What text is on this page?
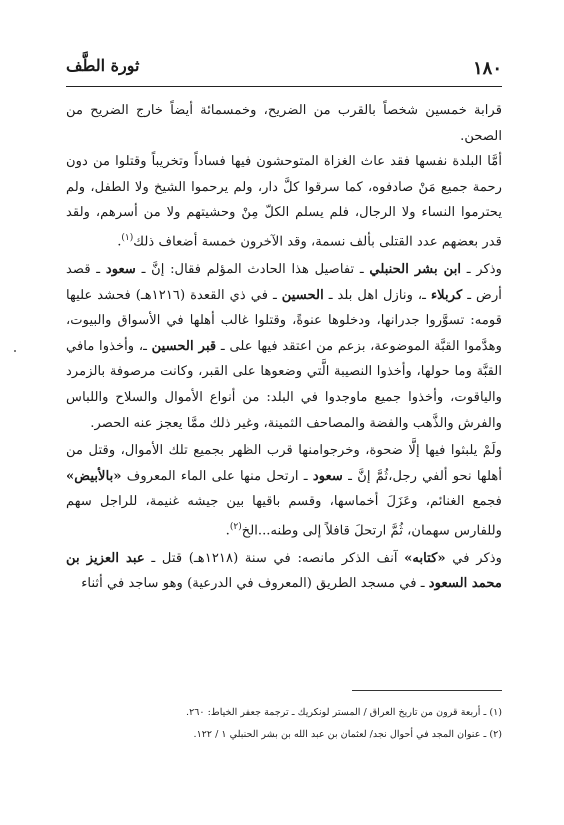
١٨٠
ثورة الطَّف

قرابة خمسين شخصاً بالقرب من الضريح، وخمسمائة أيضاً خارج الضريح من الصحن.

أمَّا البلدة نفسها فقد عاث الغزاة المتوحشون فيها فساداً وتخريباً وقتلوا من دون رحمة جميع مَنْ صادفوه، كما سرقوا كلَّ دار، ولم يرحموا الشيخ ولا الطفل، ولم يحترموا النساء ولا الرجال، فلم يسلم الكلّ مِنْ وحشيتهم ولا من أسرهم، ولقد قدر بعضهم عدد القتلى بألف نسمة، وقد الآخرون خمسة أضعاف ذلك$^{(١)}$.

وذكر ـ ابن بشر الحنبلي ـ تفاصيل هذا الحادث المؤلم فقال: إنَّ ـ سعود ـ قصد أرض ـ كربلاء ـ، ونازل اهل بلد ـ الحسين ـ في ذي القعدة (١٢١٦هـ) فحشد عليها قومه: تسوَّروا جدرانها، ودخلوها عنوةً، وقتلوا غالب أهلها في الأسواق والبيوت، وهدَّموا القبَّة الموضوعة، بزعم من اعتقد فيها على ـ قبر الحسين ـ، وأخذوا مافي القبَّة وما حولها، وأخذوا النصيبة الَّتي وضعوها على القبر، وكانت مرصوفة بالزمرد والياقوت، وأخذوا جميع ماوجدوا في البلد: من أنواع الأموال والسلاح واللباس والفرش والذَّهب والفضة والمصاحف الثمينة، وغير ذلك ممَّا يعجز عنه الحصر.

ولَمْ يلبثوا فيها إلَّا ضحوة، وخرجوامنها قرب الظهر بجميع تلك الأموال، وقتل من أهلها نحو ألفي رجل،ثُمَّ إنَّ ـ سعود ـ ارتحل منها على الماء المعروف «بالأبيض» فجمع الغنائم، وعَزَلَ أخماسها، وقسم باقيها بين جيشه غنيمة، للراجل سهم وللفارس سهمان، ثُمَّ ارتحلَ قافلاً إلى وطنه...الخ$^{(٢)}$.

وذكر في «كتابه» آنف الذكر مانصه: في سنة (١٢١٨هـ) قتل ـ عبد العزيز بن محمد السعود ـ في مسجد الطريق (المعروف في الدرعية) وهو ساجد في أثناء

(١) ـ أربعة قرون من تاريخ العراق / المستر لونكريك ـ ترجمة جعفر الخياط: ٢٦٠.

(٢) ـ عنوان المجد في أحوال نجد/ لعثمان بن عبد الله بن بشر الحنبلي ١ / ١٢٢.
